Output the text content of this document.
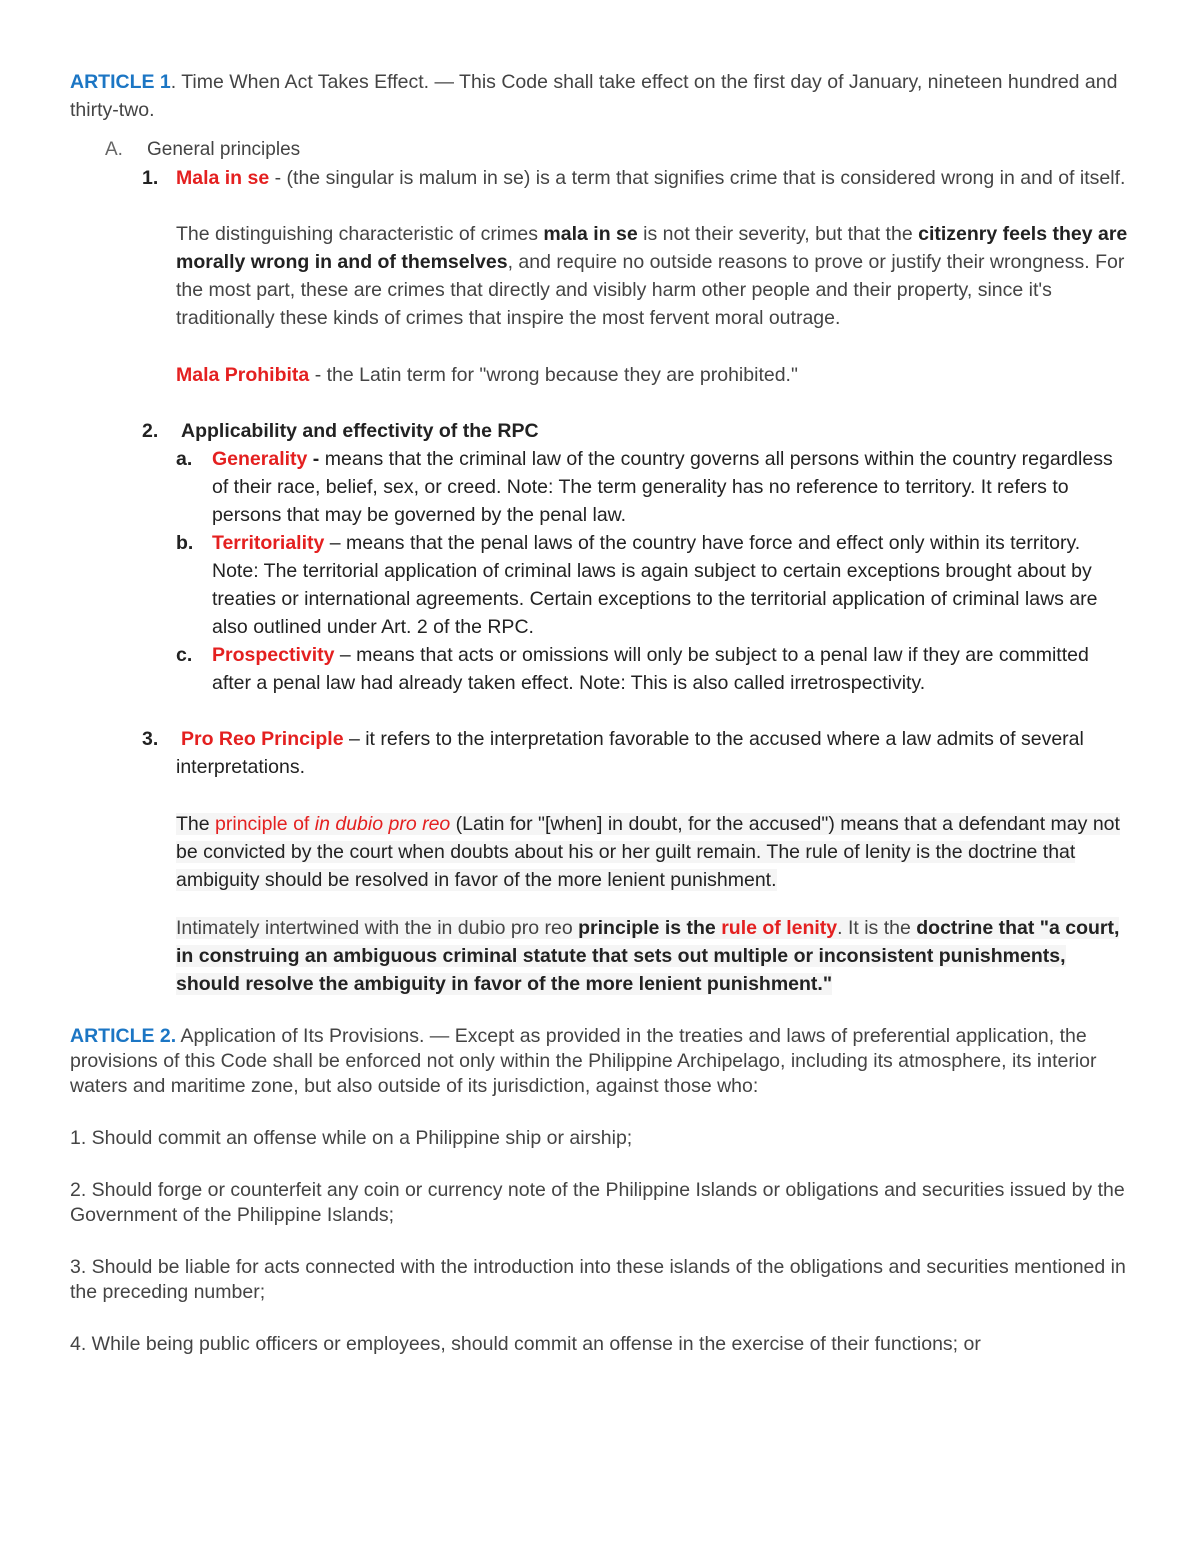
ARTICLE 1. Time When Act Takes Effect. — This Code shall take effect on the first day of January, nineteen hundred and thirty-two.

A. General principles
1. Mala in se - (the singular is malum in se) is a term that signifies crime that is considered wrong in and of itself.

The distinguishing characteristic of crimes mala in se is not their severity, but that the citizenry feels they are morally wrong in and of themselves, and require no outside reasons to prove or justify their wrongness. For the most part, these are crimes that directly and visibly harm other people and their property, since it's traditionally these kinds of crimes that inspire the most fervent moral outrage.

Mala Prohibita - the Latin term for "wrong because they are prohibited."

2. Applicability and effectivity of the RPC
a. Generality - means that the criminal law of the country governs all persons within the country regardless of their race, belief, sex, or creed. Note: The term generality has no reference to territory. It refers to persons that may be governed by the penal law.
b. Territoriality – means that the penal laws of the country have force and effect only within its territory. Note: The territorial application of criminal laws is again subject to certain exceptions brought about by treaties or international agreements. Certain exceptions to the territorial application of criminal laws are also outlined under Art. 2 of the RPC.
c. Prospectivity – means that acts or omissions will only be subject to a penal law if they are committed after a penal law had already taken effect. Note: This is also called irretrospectivity.
3. Pro Reo Principle – it refers to the interpretation favorable to the accused where a law admits of several interpretations.

The principle of in dubio pro reo (Latin for "[when] in doubt, for the accused") means that a defendant may not be convicted by the court when doubts about his or her guilt remain. The rule of lenity is the doctrine that ambiguity should be resolved in favor of the more lenient punishment.

Intimately intertwined with the in dubio pro reo principle is the rule of lenity. It is the doctrine that "a court, in construing an ambiguous criminal statute that sets out multiple or inconsistent punishments, should resolve the ambiguity in favor of the more lenient punishment."

ARTICLE 2. Application of Its Provisions. — Except as provided in the treaties and laws of preferential application, the provisions of this Code shall be enforced not only within the Philippine Archipelago, including its atmosphere, its interior waters and maritime zone, but also outside of its jurisdiction, against those who:

1. Should commit an offense while on a Philippine ship or airship;

2. Should forge or counterfeit any coin or currency note of the Philippine Islands or obligations and securities issued by the Government of the Philippine Islands;

3. Should be liable for acts connected with the introduction into these islands of the obligations and securities mentioned in the preceding number;

4. While being public officers or employees, should commit an offense in the exercise of their functions; or
